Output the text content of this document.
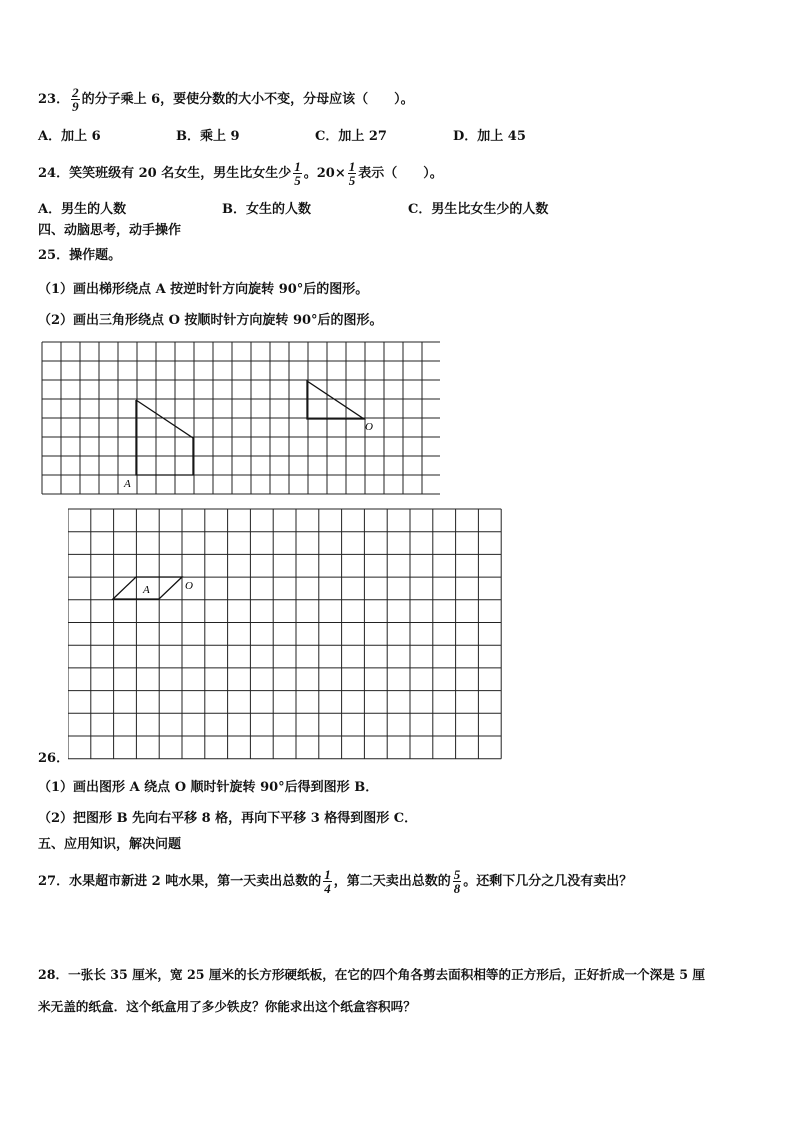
23． $\frac{2}{9}$ 的分子乘上 6，要使分数的大小不变，分母应该（　　）。
A．加上 6	B．乘上 9	C．加上 27	D．加上 45
24．笑笑班级有 20 名女生，男生比女生少 $\frac{1}{5}$ 。$20\times \frac{1}{5}$ 表示（　　）。
A．男生的人数	B．女生的人数	C．男生比女生少的人数
四、动脑思考，动手操作
25．操作题。
（1）画出梯形绕点 A 按逆时针方向旋转 90°后的图形。
（2）画出三角形绕点 O 按顺时针方向旋转 90°后的图形。
A
O
26．
A	O
（1）画出图形 A 绕点 O 顺时针旋转 90°后得到图形 B．
（2）把图形 B 先向右平移 8 格，再向下平移 3 格得到图形 C．
五、应用知识，解决问题
27．水果超市新进 2 吨水果，第一天卖出总数的 $\frac{1}{4}$ ，第二天卖出总数的 $\frac{5}{8}$ 。还剩下几分之几没有卖出？
28．一张长 35 厘米，宽 25 厘米的长方形硬纸板，在它的四个角各剪去面积相等的正方形后，正好折成一个深是 5 厘
米无盖的纸盒．这个纸盒用了多少铁皮？你能求出这个纸盒容积吗？
